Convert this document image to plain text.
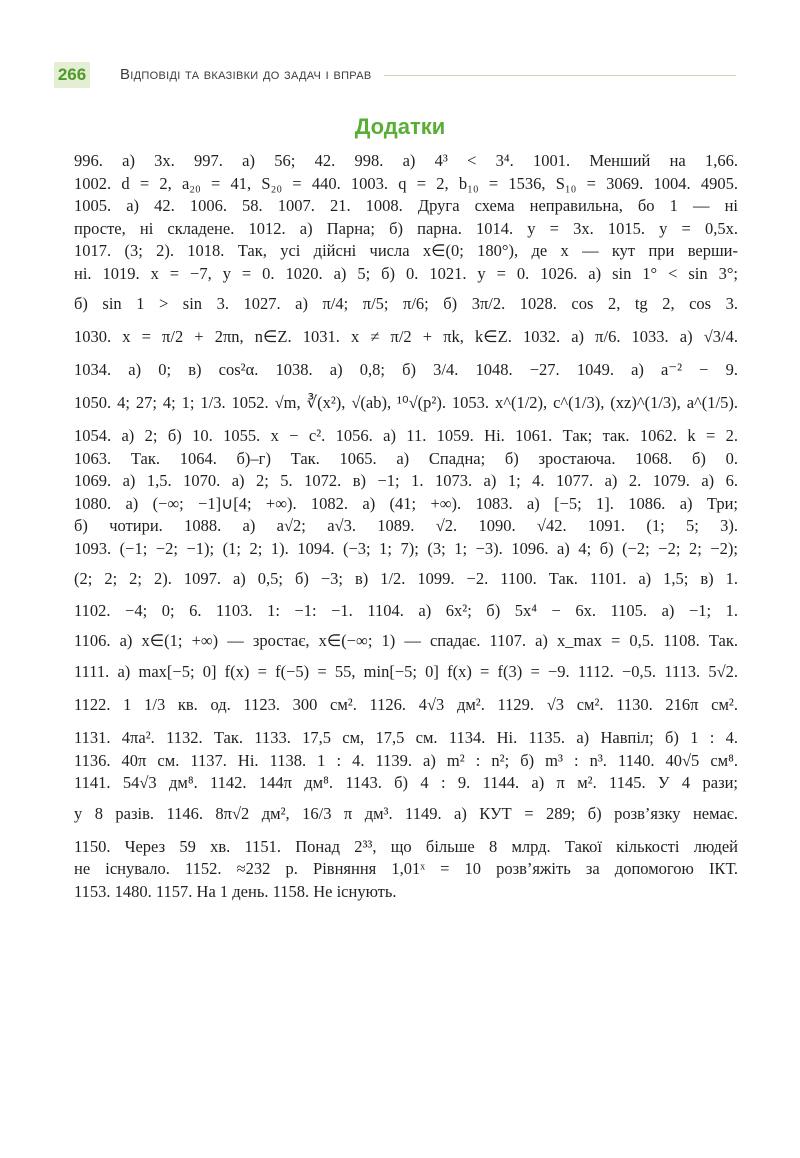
266 Відповіді та вказівки до задач і вправ
Додатки
996. а) 3x. 997. а) 56; 42. 998. а) 4³ < 3⁴. 1001. Менший на 1,66.
1002. d = 2, a₂₀ = 41, S₂₀ = 440. 1003. q = 2, b₁₀ = 1536, S₁₀ = 3069. 1004. 4905.
1005. а) 42. 1006. 58. 1007. 21. 1008. Друга схема неправильна, бо 1 — ні
просте, ні складене. 1012. а) Парна; б) парна. 1014. y = 3x. 1015. y = 0,5x.
1017. (3; 2). 1018. Так, усі дійсні числа x∈(0; 180°), де x — кут при верши-
ні. 1019. x = −7, y = 0. 1020. а) 5; б) 0. 1021. y = 0. 1026. а) sin 1° < sin 3°;
б) sin 1 > sin 3. 1027. а) π/4; π/5; π/6; б) 3π/2. 1028. cos 2, tg 2, cos 3.
1030. x = π/2 + 2πn, n∈Z. 1031. x ≠ π/2 + πk, k∈Z. 1032. а) π/6. 1033. а) √3/4.
1034. а) 0; в) cos²α. 1038. а) 0,8; б) 3/4. 1048. −27. 1049. а) a⁻² − 9.
1050. 4; 27; 4; 1; 1/3. 1052. √m, ∛(x²), √(ab), ¹⁰√(p²). 1053. x^(1/2), c^(1/3), (xz)^(1/3), a^(1/5).
1054. а) 2; б) 10. 1055. x − c². 1056. а) 11. 1059. Ні. 1061. Так; так. 1062. k = 2.
1063. Так. 1064. б)–г) Так. 1065. а) Спадна; б) зростаюча. 1068. б) 0.
1069. а) 1,5. 1070. а) 2; 5. 1072. в) −1; 1. 1073. а) 1; 4. 1077. а) 2. 1079. а) 6.
1080. а) (−∞; −1]∪[4; +∞). 1082. а) (41; +∞). 1083. а) [−5; 1]. 1086. а) Три;
б) чотири. 1088. а) a√2; a√3. 1089. √2. 1090. √42. 1091. (1; 5; 3).
1093. (−1; −2; −1); (1; 2; 1). 1094. (−3; 1; 7); (3; 1; −3). 1096. а) 4; б) (−2; −2; 2; −2);
(2; 2; 2; 2). 1097. а) 0,5; б) −3; в) 1/2. 1099. −2. 1100. Так. 1101. а) 1,5; в) 1.
1102. −4; 0; 6. 1103. 1: −1: −1. 1104. а) 6x²; б) 5x⁴ − 6x. 1105. а) −1; 1.
1106. а) x∈(1; +∞) — зростає, x∈(−∞; 1) — спадає. 1107. а) x_max = 0,5. 1108. Так.
1111. а) max[−5; 0] f(x) = f(−5) = 55, min[−5; 0] f(x) = f(3) = −9. 1112. −0,5. 1113. 5√2.
1122. 1 1/3 кв. од. 1123. 300 см². 1126. 4√3 дм². 1129. √3 см². 1130. 216π см².
1131. 4πa². 1132. Так. 1133. 17,5 см, 17,5 см. 1134. Ні. 1135. а) Навпіл; б) 1 : 4.
1136. 40π см. 1137. Ні. 1138. 1 : 4. 1139. а) m² : n²; б) m³ : n³. 1140. 40√5 см⁸.
1141. 54√3 дм⁸. 1142. 144π дм⁸. 1143. б) 4 : 9. 1144. а) π м². 1145. У 4 рази;
у 8 разів. 1146. 8π√2 дм², 16/3 π дм³. 1149. а) КУТ = 289; б) розв’язку немає.
1150. Через 59 хв. 1151. Понад 2³³, що більше 8 млрд. Такої кількості людей
не існувало. 1152. ≈232 р. Рівняння 1,01ˣ = 10 розв’яжіть за допомогою ІКТ.
1153. 1480. 1157. На 1 день. 1158. Не існують.
